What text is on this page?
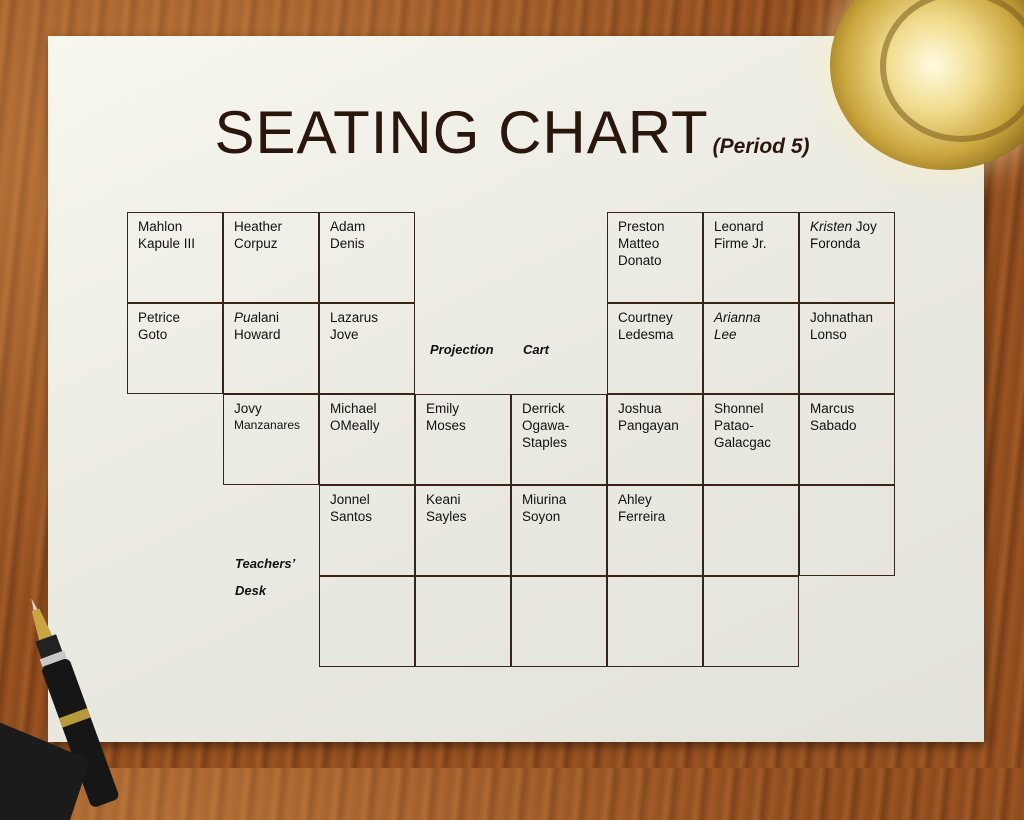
SEATING CHART (Period 5)
Mahlon
Kapule III
Heather
Corpuz
Adam
Denis
Preston
Matteo
Donato
Leonard
Firme Jr.
Kristen Joy
Foronda
Petrice
Goto
Pualani
Howard
Lazarus
Jove
Courtney
Ledesma
Arianna
Lee
Johnathan
Lonso
Jovy
Manzanares
Michael
OMeally
Emily
Moses
Derrick
Ogawa-
Staples
Joshua
Pangayan
Shonnel
Patao-
Galacgac
Marcus
Sabado
Jonnel
Santos
Keani
Sayles
Miurina
Soyon
Ahley
Ferreira
Projection Cart
Teachers’
Desk
